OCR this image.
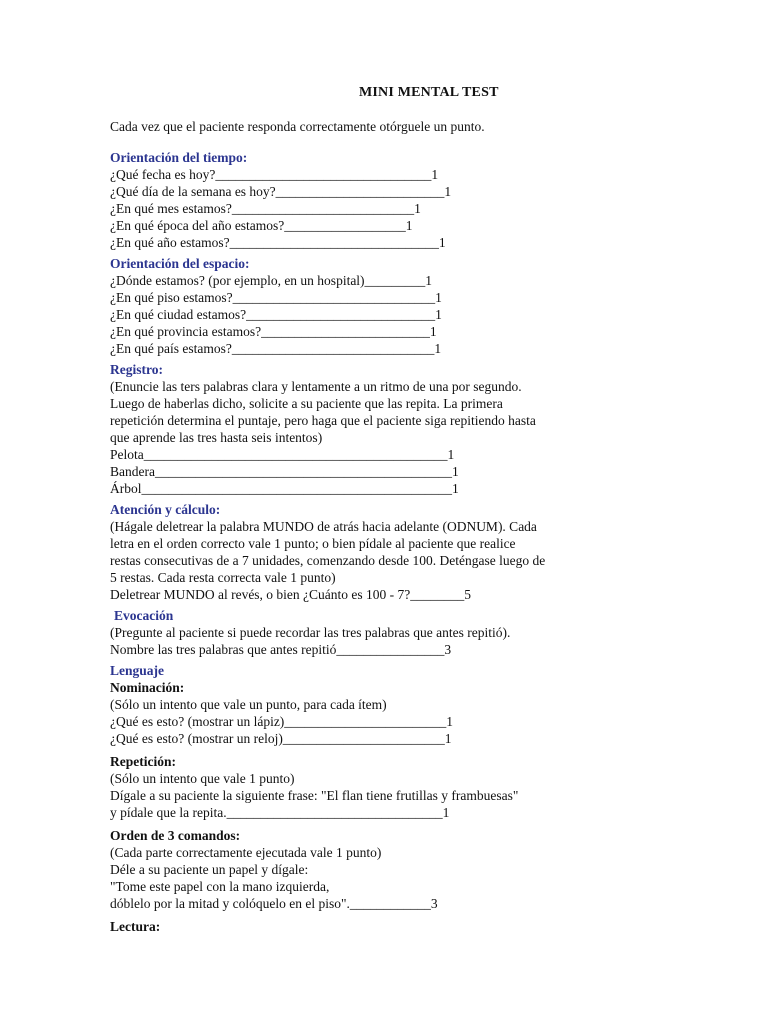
MINI MENTAL TEST
Cada vez que el paciente responda correctamente otórguele un punto.
Orientación del tiempo:
¿Qué fecha es hoy?________________________________1
¿Qué día de la semana es hoy?_________________________1
¿En qué mes estamos?___________________________1
¿En qué época del año estamos?__________________1
¿En qué año estamos?_______________________________1
Orientación del espacio:
¿Dónde estamos? (por ejemplo, en un hospital)_________1
¿En qué piso estamos?______________________________1
¿En qué ciudad estamos?____________________________1
¿En qué provincia estamos?_________________________1
¿En qué país estamos?______________________________1
Registro:
(Enuncie las ters palabras clara y lentamente a un ritmo de una por segundo.
Luego de haberlas dicho, solicite a su paciente que las repita. La primera
repetición determina el puntaje, pero haga que el paciente siga repitiendo hasta
que aprende las tres hasta seis intentos)
Pelota_____________________________________________1
Bandera____________________________________________1
Árbol______________________________________________1
Atención y cálculo:
(Hágale deletrear la palabra MUNDO de atrás hacia adelante (ODNUM). Cada
letra en el orden correcto vale 1 punto; o bien pídale al paciente que realice
restas consecutivas de a 7 unidades, comenzando desde 100. Deténgase luego de
5 restas. Cada resta correcta vale 1 punto)
Deletrear MUNDO al revés, o bien ¿Cuánto es 100 - 7?________5
Evocación
(Pregunte al paciente si puede recordar las tres palabras que antes repitió).
Nombre las tres palabras que antes repitió________________3
Lenguaje
Nominación:
(Sólo un intento que vale un punto, para cada ítem)
¿Qué es esto? (mostrar un lápiz)________________________1
¿Qué es esto? (mostrar un reloj)________________________1
Repetición:
(Sólo un intento que vale 1 punto)
Dígale a su paciente la siguiente frase: "El flan tiene frutillas y frambuesas"
y pídale que la repita.________________________________1
Orden de 3 comandos:
(Cada parte correctamente ejecutada vale 1 punto)
Déle a su paciente un papel y dígale:
"Tome este papel con la mano izquierda,
dóblelo por la mitad y colóquelo en el piso".____________3
Lectura:
